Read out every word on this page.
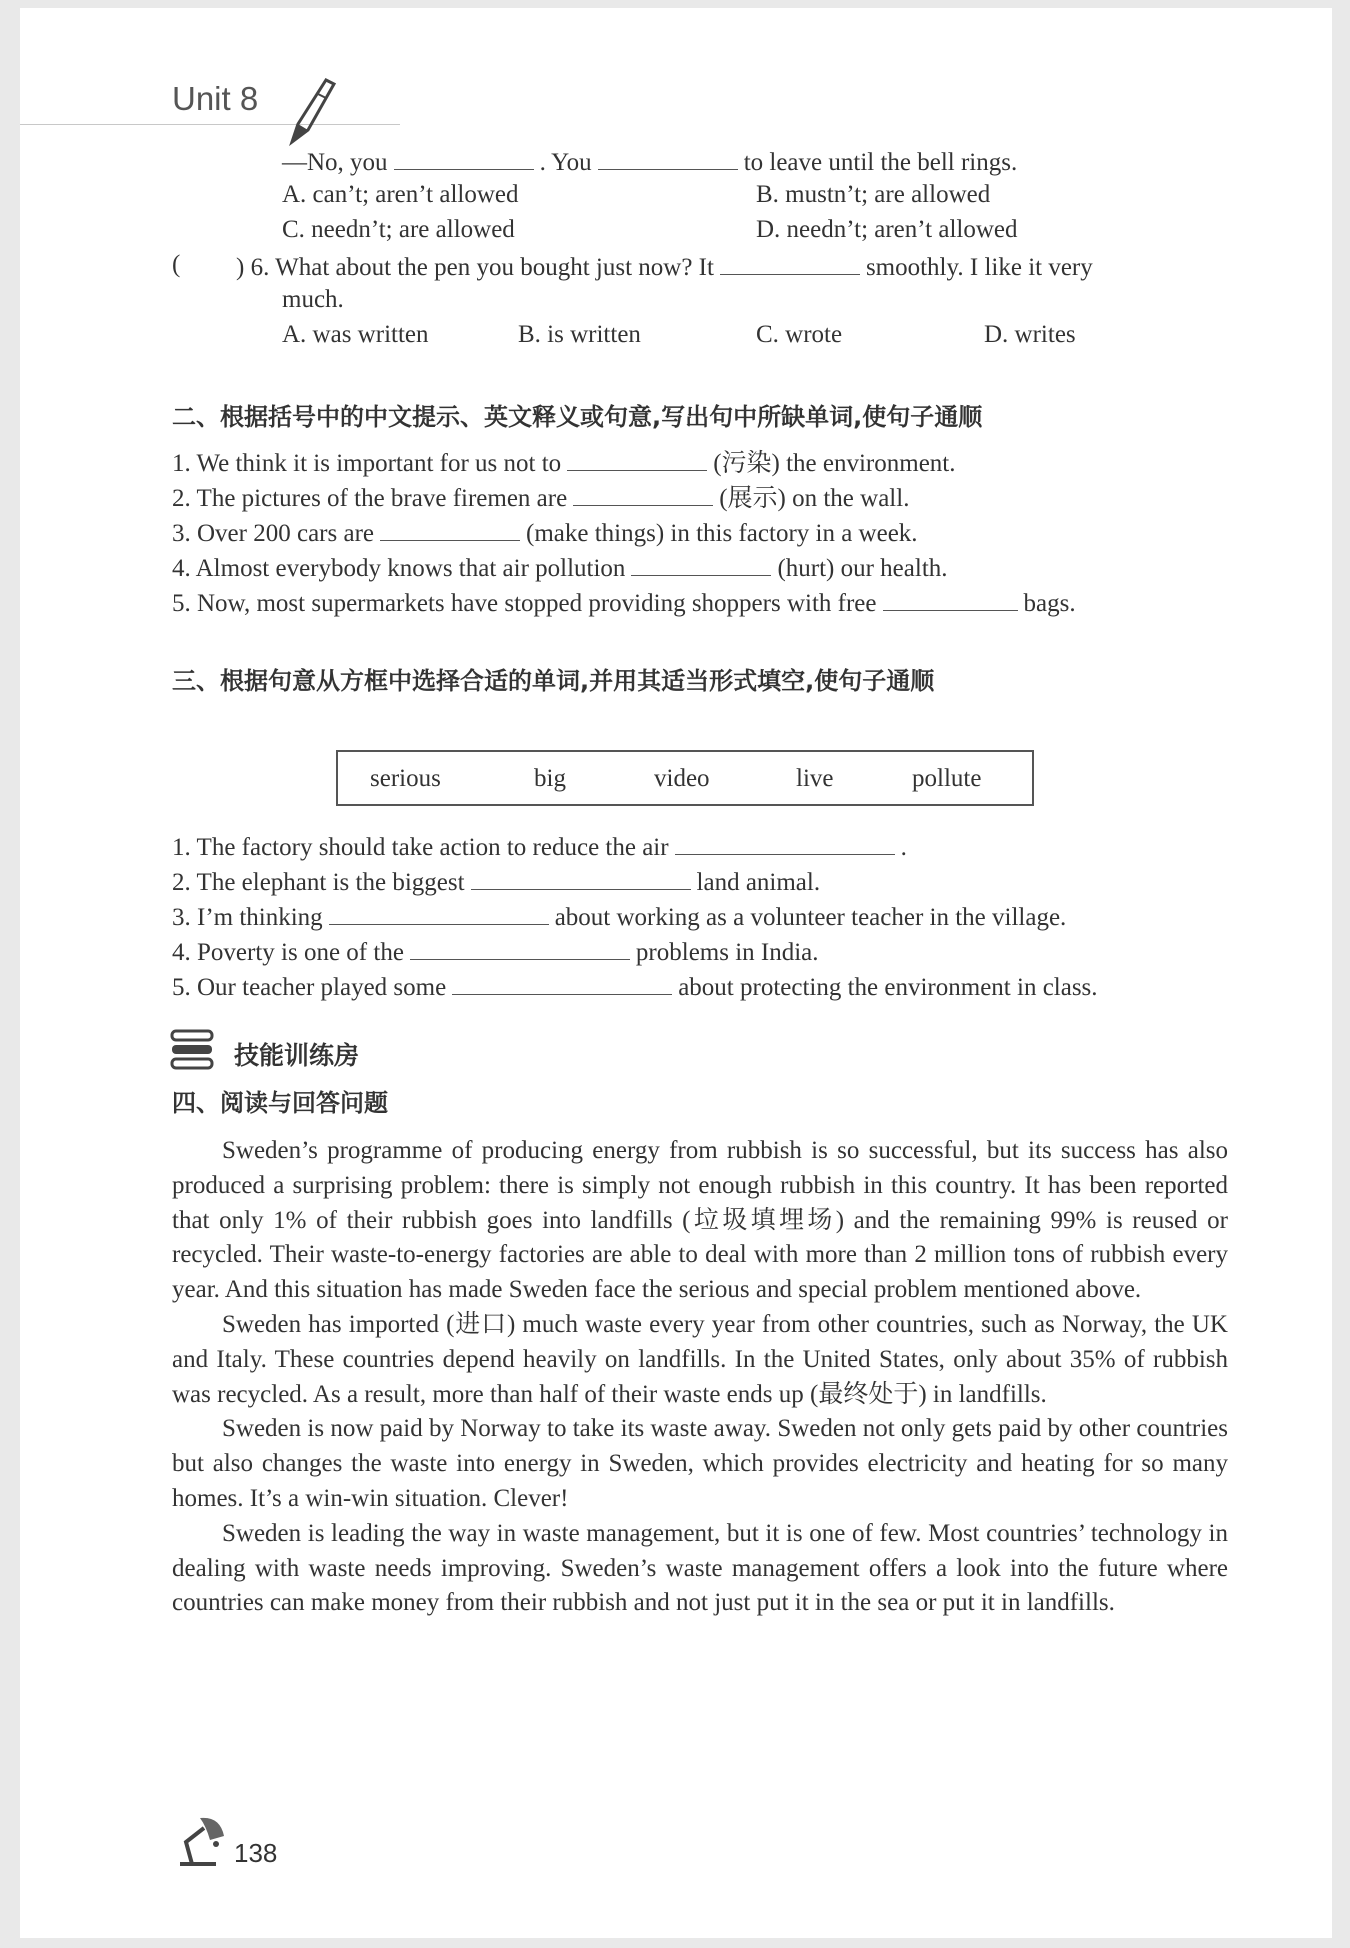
Unit 8
—No, you	. You	to leave until the bell rings.
A. can’t; aren’t allowed	B. mustn’t; are allowed
C. needn’t; are allowed	D. needn’t; aren’t allowed
( ) 6. What about the pen you bought just now? It	smoothly. I like it very
much.
A. was written	B. is written	C. wrote	D. writes
二、根据括号中的中文提示、英文释义或句意,写出句中所缺单词,使句子通顺
1. We think it is important for us not to	(污染) the environment.
2. The pictures of the brave firemen are	(展示) on the wall.
3. Over 200 cars are	(make things) in this factory in a week.
4. Almost everybody knows that air pollution	(hurt) our health.
5. Now, most supermarkets have stopped providing shoppers with free	bags.
三、根据句意从方框中选择合适的单词,并用其适当形式填空,使句子通顺
serious	big	video	live	pollute
1. The factory should take action to reduce the air	.
2. The elephant is the biggest	land animal.
3. I’m thinking	about working as a volunteer teacher in the village.
4. Poverty is one of the	problems in India.
5. Our teacher played some	about protecting the environment in class.
技能训练房
四、阅读与回答问题

Sweden’s programme of producing energy from rubbish is so successful, but its success has also produced a surprising problem: there is simply not enough rubbish in this country. It has been reported that only 1% of their rubbish goes into landfills (垃圾填埋场) and the remaining 99% is reused or recycled. Their waste-to-energy factories are able to deal with more than 2 million tons of rubbish every year. And this situation has made Sweden face the serious and special problem mentioned above.

Sweden has imported (进口) much waste every year from other countries, such as Norway, the UK and Italy. These countries depend heavily on landfills. In the United States, only about 35% of rubbish was recycled. As a result, more than half of their waste ends up (最终处于) in landfills.

Sweden is now paid by Norway to take its waste away. Sweden not only gets paid by other countries but also changes the waste into energy in Sweden, which provides electricity and heating for so many homes. It’s a win-win situation. Clever!

Sweden is leading the way in waste management, but it is one of few. Most countries’ technology in dealing with waste needs improving. Sweden’s waste management offers a look into the future where countries can make money from their rubbish and not just put it in the sea or put it in landfills.

138
